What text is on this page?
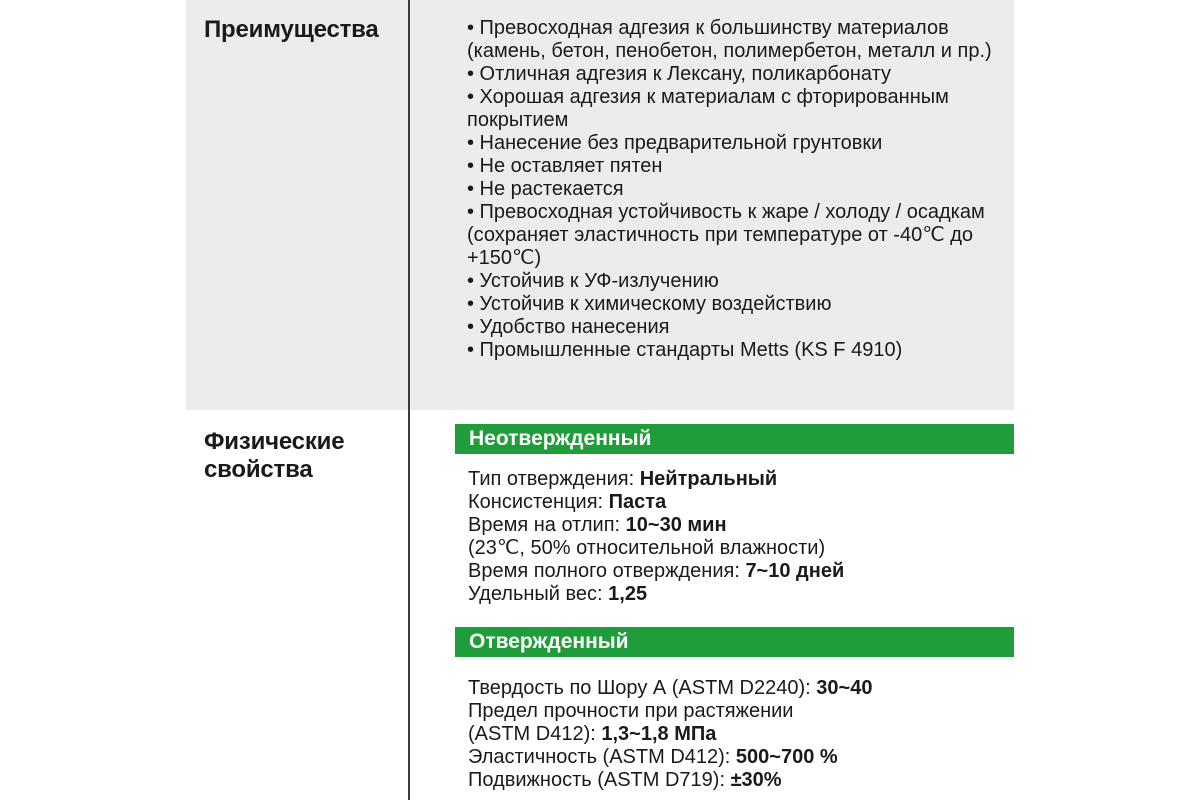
Преимущества	• Превосходная адгезия к большинству материалов (камень, бетон, пенобетон, полимербетон, металл и пр.)
• Отличная адгезия к Лексану, поликарбонату
• Хорошая адгезия к материалам с фторированным покрытием
• Нанесение без предварительной грунтовки
• Не оставляет пятен
• Не растекается
• Превосходная устойчивость к жаре / холоду / осадкам (сохраняет эластичность при температуре от -40℃ до +150℃)
• Устойчив к УФ-излучению
• Устойчив к химическому воздействию
• Удобство нанесения
• Промышленные стандарты Metts (KS F 4910)
Физические
свойства
Неотвержденный
Тип отверждения: Нейтральный
Консистенция: Паста
Время на отлип: 10~30 мин
(23℃, 50% относительной влажности)
Время полного отверждения: 7~10 дней
Удельный вес: 1,25
Отвержденный
Твердость по Шору А (ASTM D2240): 30~40
Предел прочности при растяжении
(ASTM D412): 1,3~1,8 МПа
Эластичность (ASTM D412): 500~700 %
Подвижность (ASTM D719): ±30%
